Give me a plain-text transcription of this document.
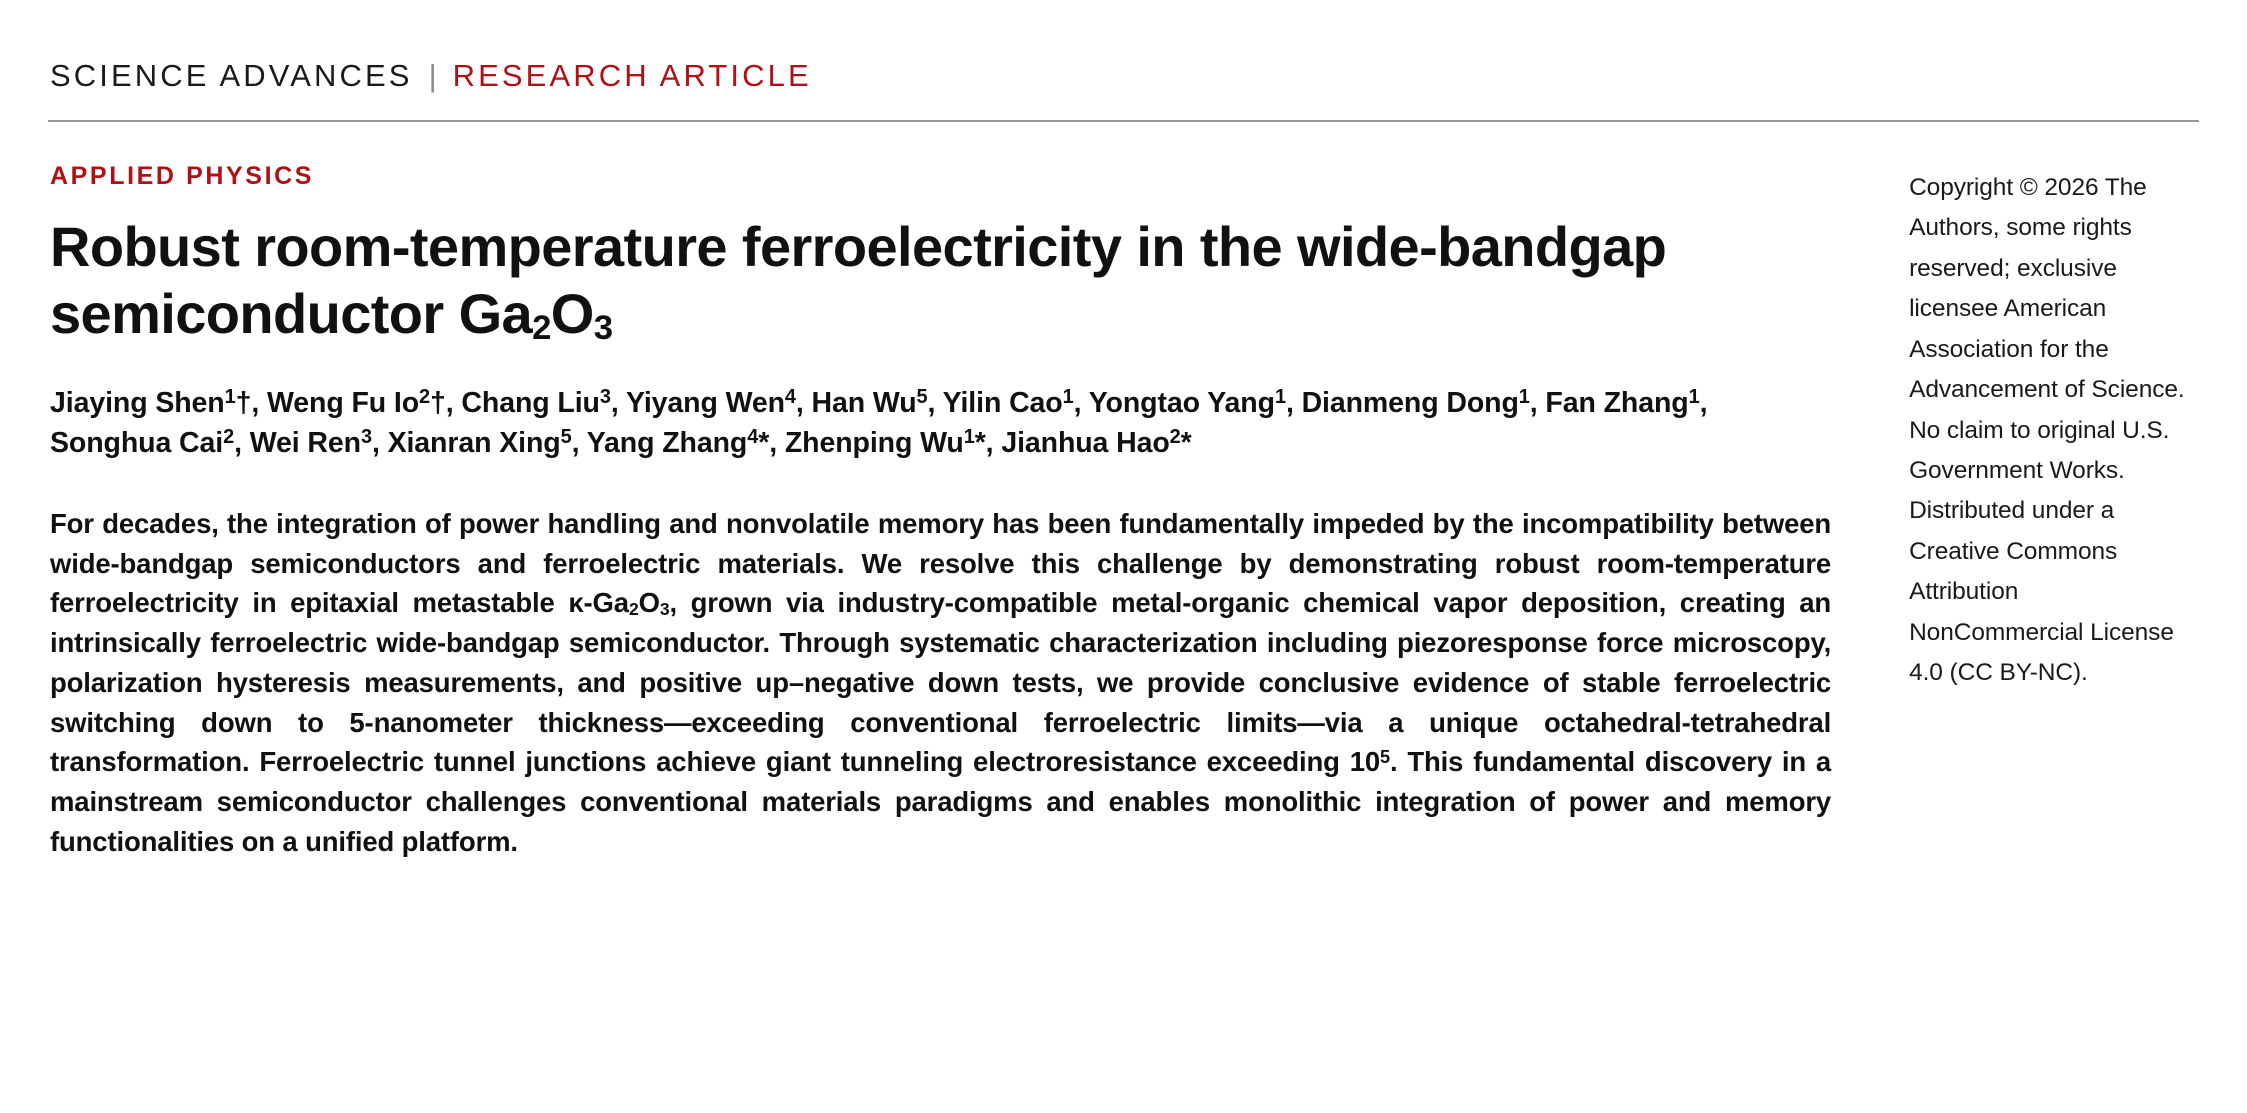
SCIENCE ADVANCES | RESEARCH ARTICLE
APPLIED PHYSICS
Robust room-temperature ferroelectricity in the wide-bandgap semiconductor $Ga_2O_3$
Jiaying Shen$^1$†, Weng Fu Io$^2$†, Chang Liu$^3$, Yiyang Wen$^4$, Han Wu$^5$, Yilin Cao$^1$, Yongtao Yang$^1$, Dianmeng Dong$^1$, Fan Zhang$^1$, Songhua Cai$^2$, Wei Ren$^3$, Xianran Xing$^5$, Yang Zhang$^4$*, Zhenping Wu$^1$*, Jianhua Hao$^2$*
For decades, the integration of power handling and nonvolatile memory has been fundamentally impeded by the incompatibility between wide-bandgap semiconductors and ferroelectric materials. We resolve this challenge by demonstrating robust room-temperature ferroelectricity in epitaxial metastable $\kappa-Ga_2O_3$, grown via industry-compatible metal-organic chemical vapor deposition, creating an intrinsically ferroelectric wide-bandgap semiconductor. Through systematic characterization including piezoresponse force microscopy, polarization hysteresis measurements, and positive up–negative down tests, we provide conclusive evidence of stable ferroelectric switching down to 5-nanometer thickness—exceeding conventional ferroelectric limits—via a unique octahedral-tetrahedral transformation. Ferroelectric tunnel junctions achieve giant tunneling electroresistance exceeding $10^5$. This fundamental discovery in a mainstream semiconductor challenges conventional materials paradigms and enables monolithic integration of power and memory functionalities on a unified platform.
Copyright © 2026 The Authors, some rights reserved; exclusive licensee American Association for the Advancement of Science. No claim to original U.S. Government Works. Distributed under a Creative Commons Attribution NonCommercial License 4.0 (CC BY-NC).
